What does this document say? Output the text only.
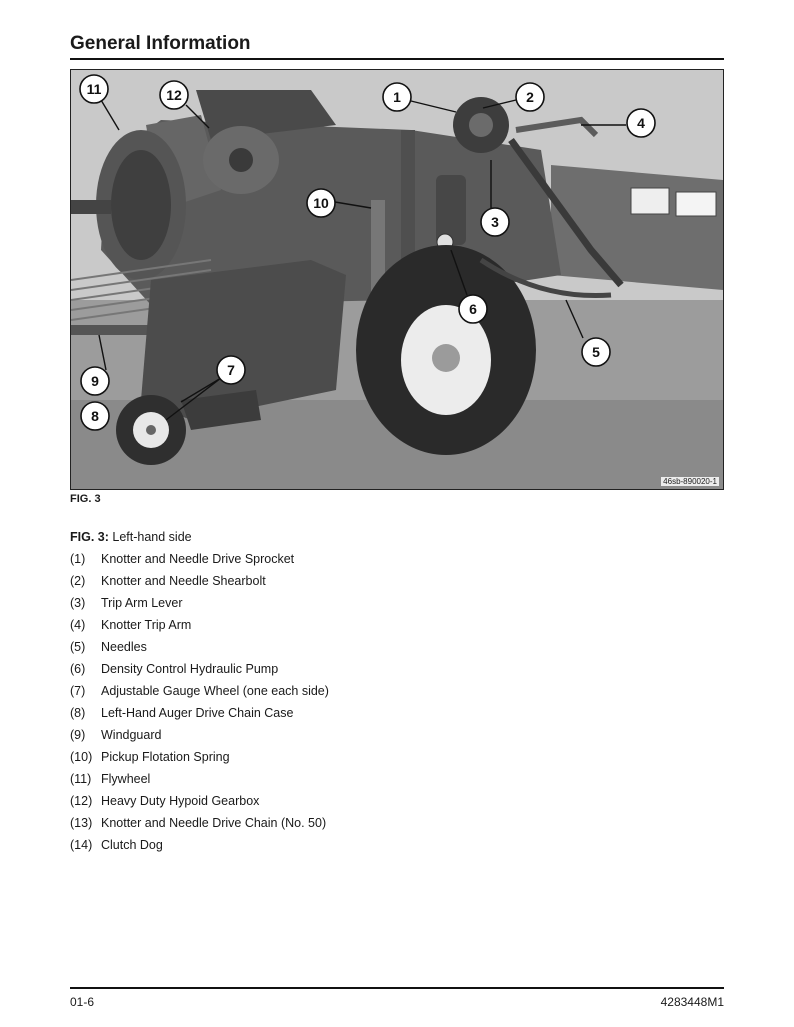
General Information
1	2
3
4
5
6
7
8
9
10
11	12
46sb-890020-1
FIG. 3
FIG. 3: Left-hand side
(1) Knotter and Needle Drive Sprocket
(2) Knotter and Needle Shearbolt
(3) Trip Arm Lever
(4) Knotter Trip Arm
(5) Needles
(6) Density Control Hydraulic Pump
(7) Adjustable Gauge Wheel (one each side)
(8) Left-Hand Auger Drive Chain Case
(9) Windguard
(10) Pickup Flotation Spring
(11) Flywheel
(12) Heavy Duty Hypoid Gearbox
(13) Knotter and Needle Drive Chain (No. 50)
(14) Clutch Dog
01-6	4283448M1
